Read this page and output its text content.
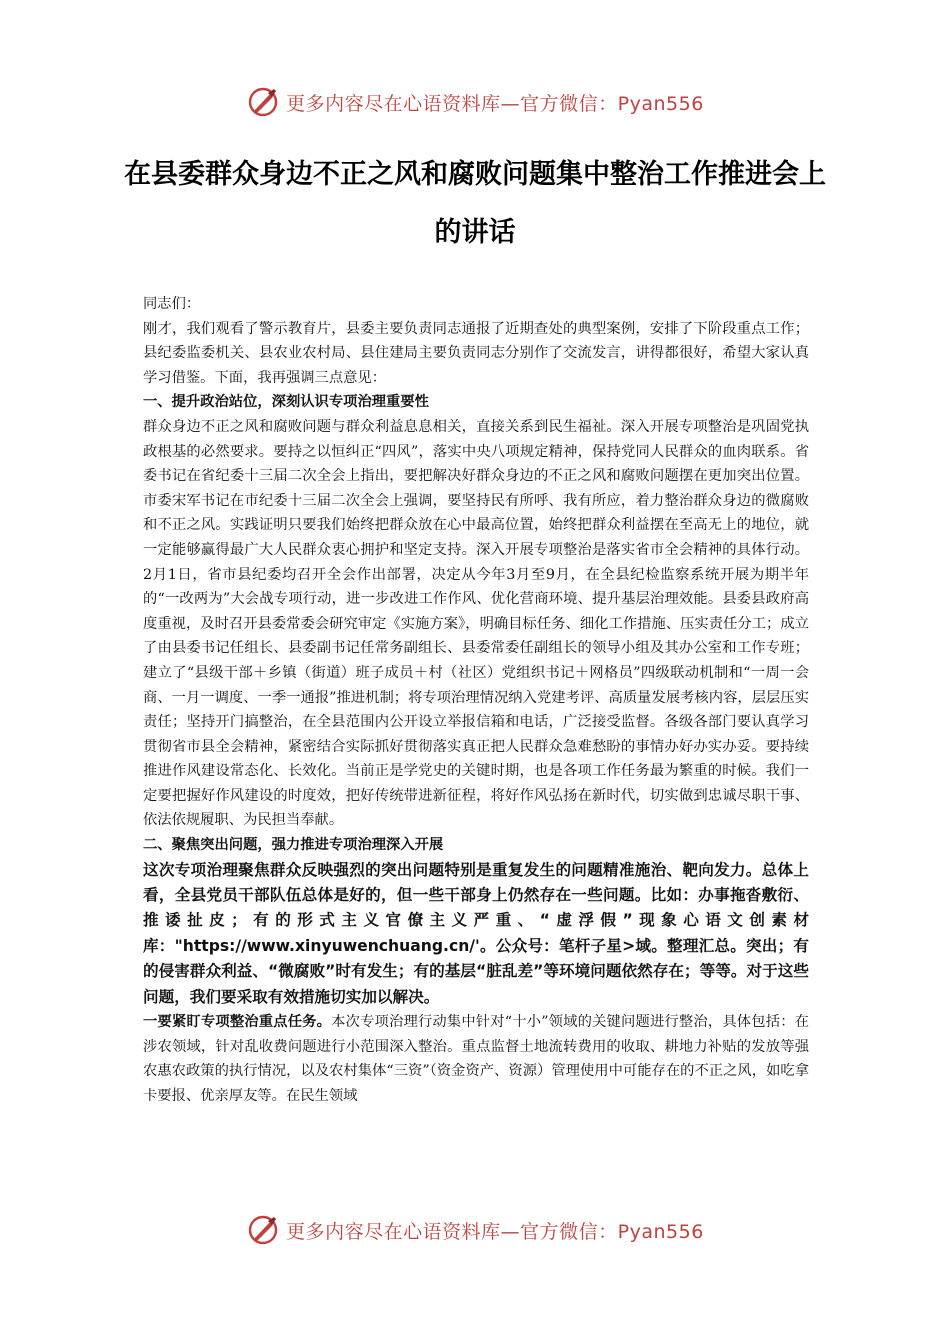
更多内容尽在心语资料库—官方微信：Pyan556
在县委群众身边不正之风和腐败问题集中整治工作推进会上的讲话

同志们：

刚才，我们观看了警示教育片，县委主要负责同志通报了近期查处的典型案例，安排了下阶段重点工作；县纪委监委机关、县农业农村局、县住建局主要负责同志分别作了交流发言，讲得都很好，希望大家认真学习借鉴。下面，我再强调三点意见：

一、提升政治站位，深刻认识专项治理重要性

群众身边不正之风和腐败问题与群众利益息息相关，直接关系到民生福祉。深入开展专项整治是巩固党执政根基的必然要求。要持之以恒纠正“四风”，落实中央八项规定精神，保持党同人民群众的血肉联系。省委书记在省纪委十三届二次全会上指出，要把解决好群众身边的不正之风和腐败问题摆在更加突出位置。市委宋军书记在市纪委十三届二次全会上强调，要坚持民有所呼、我有所应，着力整治群众身边的微腐败和不正之风。实践证明只要我们始终把群众放在心中最高位置，始终把群众利益摆在至高无上的地位，就一定能够赢得最广大人民群众衷心拥护和坚定支持。深入开展专项整治是落实省市全会精神的具体行动。2月1日，省市县纪委均召开全会作出部署，决定从今年3月至9月，在全县纪检监察系统开展为期半年的“一改两为”大会战专项行动，进一步改进工作作风、优化营商环境、提升基层治理效能。县委县政府高度重视，及时召开县委常委会研究审定《实施方案》，明确目标任务、细化工作措施、压实责任分工；成立了由县委书记任组长、县委副书记任常务副组长、县委常委任副组长的领导小组及其办公室和工作专班；建立了“县级干部＋乡镇（街道）班子成员＋村（社区）党组织书记＋网格员”四级联动机制和“一周一会商、一月一调度、一季一通报”推进机制；将专项治理情况纳入党建考评、高质量发展考核内容，层层压实责任；坚持开门搞整治，在全县范围内公开设立举报信箱和电话，广泛接受监督。各级各部门要认真学习贯彻省市县全会精神，紧密结合实际抓好贯彻落实真正把人民群众急难愁盼的事情办好办实办妥。要持续推进作风建设常态化、长效化。当前正是学党史的关键时期，也是各项工作任务最为繁重的时候。我们一定要把握好作风建设的时度效，把好传统带进新征程，将好作风弘扬在新时代，切实做到忠诚尽职干事、依法依规履职、为民担当奉献。

二、聚焦突出问题，强力推进专项治理深入开展

这次专项治理聚焦群众反映强烈的突出问题特别是重复发生的问题精准施治、靶向发力。总体上看，全县党员干部队伍总体是好的，但一些干部身上仍然存在一些问题。比如：办事拖沓敷衍、推诿扯皮；有的形式主义官僚主义严重、“虚浮假”现象心语文创素材库："https://www.xinyuwenchuang.cn/'。公众号：笔杆子星>域。整理汇总。突出；有的侵害群众利益、“微腐败”时有发生；有的基层“脏乱差”等环境问题依然存在；等等。对于这些问题，我们要采取有效措施切实加以解决。

一要紧盯专项整治重点任务。本次专项治理行动集中针对“十小”领域的关键问题进行整治，具体包括：在涉农领域，针对乱收费问题进行小范围深入整治。重点监督土地流转费用的收取、耕地力补贴的发放等强农惠农政策的执行情况，以及农村集体“三资”（资金资产、资源）管理使用中可能存在的不正之风，如吃拿卡要报、优亲厚友等。在民生领域

更多内容尽在心语资料库—官方微信：Pyan556
